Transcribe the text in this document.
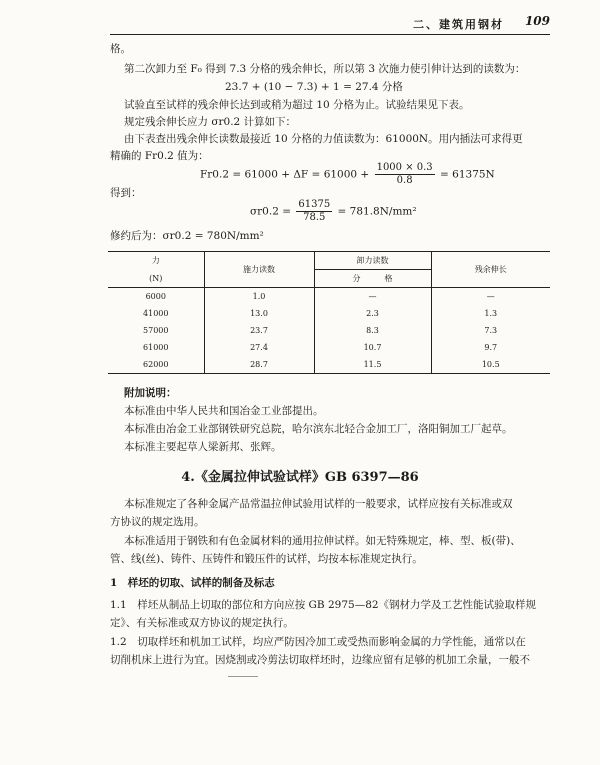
二、建筑用钢材 109
格。
第二次卸力至 F₀ 得到 7.3 分格的残余伸长，所以第 3 次施力使引伸计达到的读数为：
23.7 + (10 − 7.3) + 1 = 27.4 分格
试验直至试样的残余伸长达到或稍为超过 10 分格为止。试验结果见下表。
规定残余伸长应力 σr0.2 计算如下：
由下表查出残余伸长读数最接近 10 分格的力值读数为：61000N。用内插法可求得更
精确的 Fr0.2 值为：
$Fr0.2 = 61000 + \Delta F = 61000 + \frac{1000 \times 0.3}{0.8} = 61375N$
得到：
$\sigma r0.2 = \frac{61375}{78.5} = 781.8N/mm^2$
修约后为：σr0.2 = 780N/mm²
力	施力读数	卸力读数	残余伸长
(N)		分　　　格	
6000	1.0	—	—
41000	13.0	2.3	1.3
57000	23.7	8.3	7.3
61000	27.4	10.7	9.7
62000	28.7	11.5	10.5
附加说明：
本标准由中华人民共和国冶金工业部提出。
本标准由冶金工业部钢铁研究总院，哈尔滨东北轻合金加工厂，洛阳铜加工厂起草。
本标准主要起草人梁新邦、张辉。
4.《金属拉伸试验试样》GB 6397—86
本标准规定了各种金属产品常温拉伸试验用试样的一般要求，试样应按有关标准或双
方协议的规定选用。
本标准适用于钢铁和有色金属材料的通用拉伸试样。如无特殊规定，棒、型、板(带)、
管、线(丝)、铸件、压铸件和锻压件的试样，均按本标准规定执行。
1　样坯的切取、试样的制备及标志
1.1　样坯从制品上切取的部位和方向应按 GB 2975—82《钢材力学及工艺性能试验取样规
定》、有关标准或双方协议的规定执行。
1.2　切取样坯和机加工试样，均应严防因冷加工或受热而影响金属的力学性能，通常以在
切削机床上进行为宜。因烧割或冷剪法切取样坯时，边缘应留有足够的机加工余量，一般不
